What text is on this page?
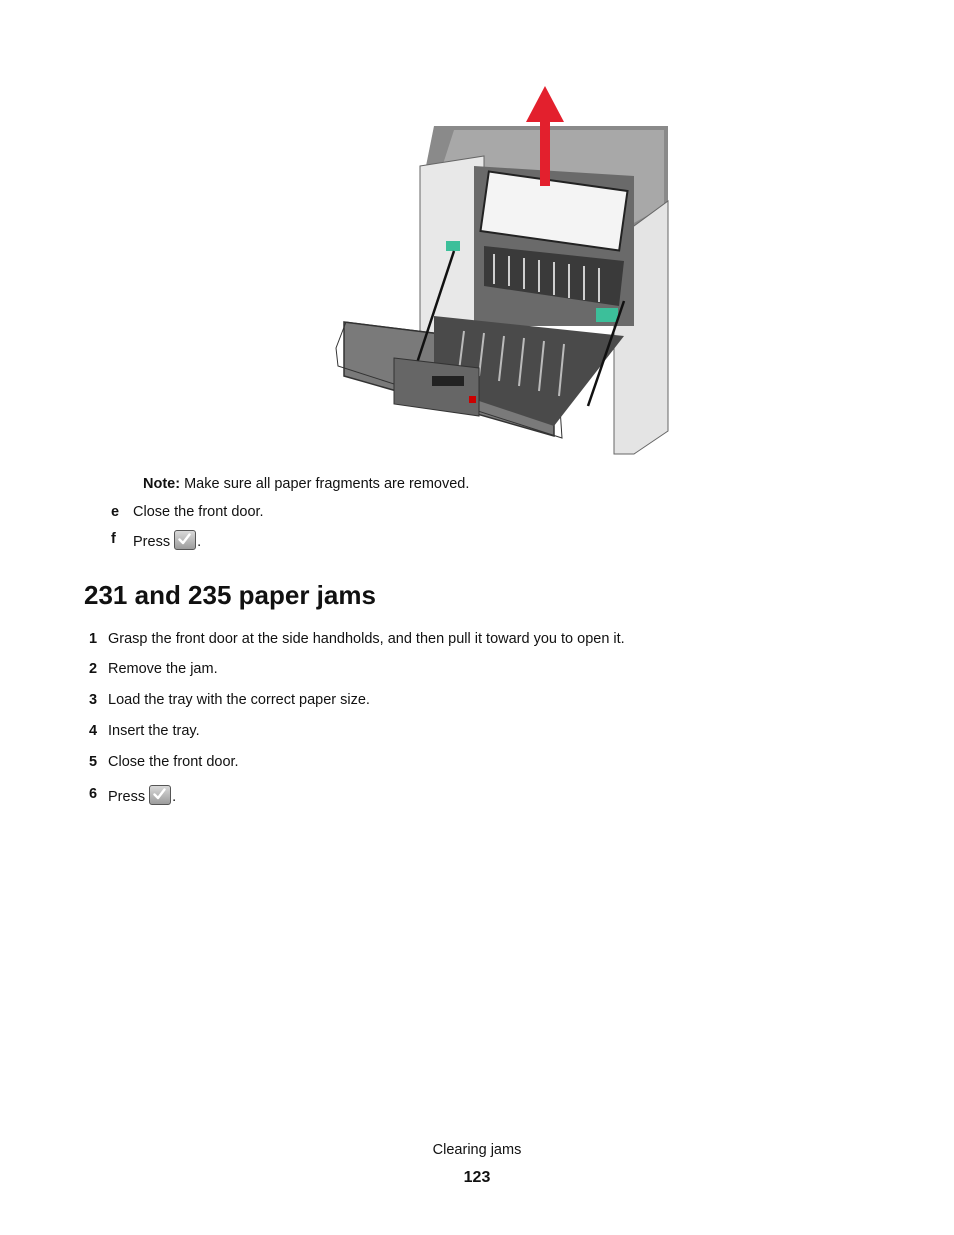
Note: Make sure all paper fragments are removed.
e Close the front door.
f Press .
231 and 235 paper jams
1 Grasp the front door at the side handholds, and then pull it toward you to open it.
2 Remove the jam.
3 Load the tray with the correct paper size.
4 Insert the tray.
5 Close the front door.
6 Press .
Clearing jams
123
